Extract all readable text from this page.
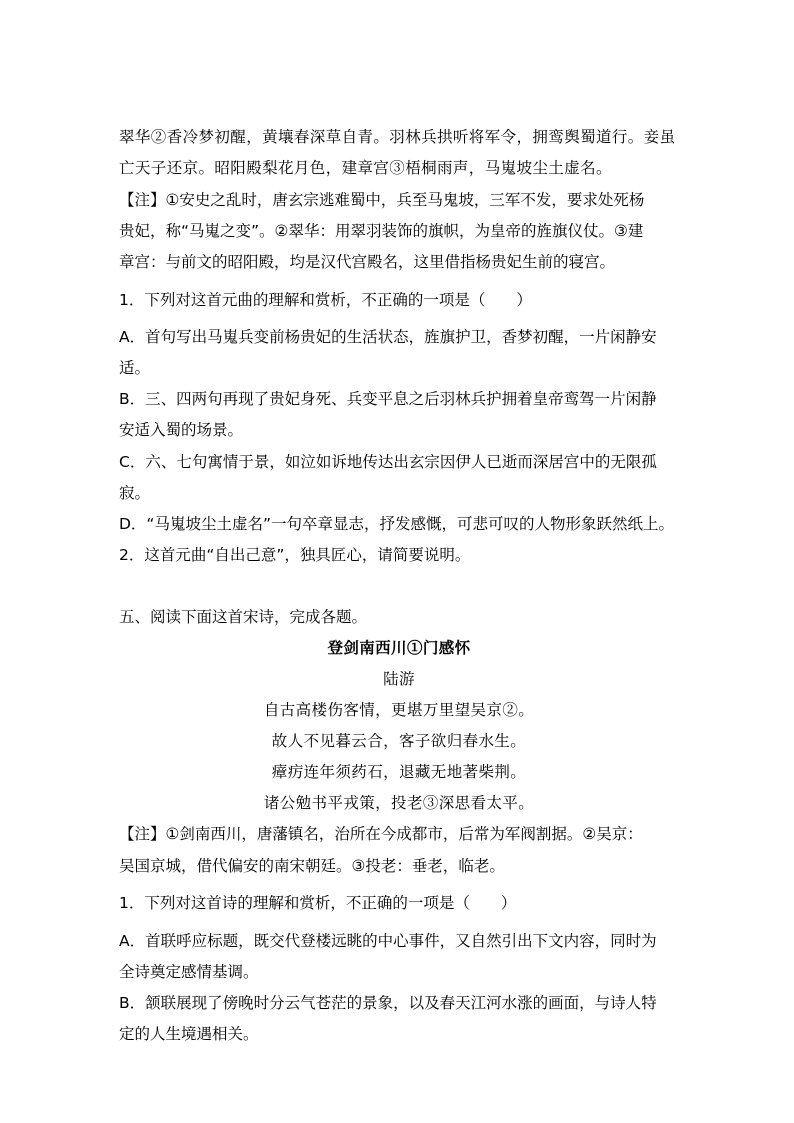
翠华②香冷梦初醒，黄壤春深草自青。羽林兵拱听将军令，拥鸾舆蜀道行。妾虽
亡天子还京。昭阳殿梨花月色，建章宫③梧桐雨声，马嵬坡尘土虚名。
【注】①安史之乱时，唐玄宗逃难蜀中，兵至马鬼坡，三军不发，要求处死杨
贵妃，称“马嵬之变”。②翠华：用翠羽装饰的旗帜，为皇帝的旌旗仪仗。③建
章宫：与前文的昭阳殿，均是汉代宫殿名，这里借指杨贵妃生前的寝宫。
1．下列对这首元曲的理解和赏析，不正确的一项是（　　）
A．首句写出马嵬兵变前杨贵妃的生活状态，旌旗护卫，香梦初醒，一片闲静安
适。
B．三、四两句再现了贵妃身死、兵变平息之后羽林兵护拥着皇帝鸾驾一片闲静
安适入蜀的场景。
C．六、七句寓情于景，如泣如诉地传达出玄宗因伊人已逝而深居宫中的无限孤
寂。
D．“马嵬坡尘土虚名”一句卒章显志，抒发感慨，可悲可叹的人物形象跃然纸上。
2．这首元曲“自出己意”，独具匠心，请简要说明。
五、阅读下面这首宋诗，完成各题。
登剑南西川①门感怀
陆游
自古高楼伤客情，更堪万里望吴京②。
故人不见暮云合，客子欲归春水生。
瘴疠连年须药石，退藏无地著柴荆。
诸公勉书平戎策，投老③深思看太平。
【注】①剑南西川，唐藩镇名，治所在今成都市，后常为军阀割据。②吴京：
吴国京城，借代偏安的南宋朝廷。③投老：垂老，临老。
1．下列对这首诗的理解和赏析，不正确的一项是（　　）
A．首联呼应标题，既交代登楼远眺的中心事件，又自然引出下文内容，同时为
全诗奠定感情基调。
B．颔联展现了傍晚时分云气苍茫的景象，以及春天江河水涨的画面，与诗人特
定的人生境遇相关。
